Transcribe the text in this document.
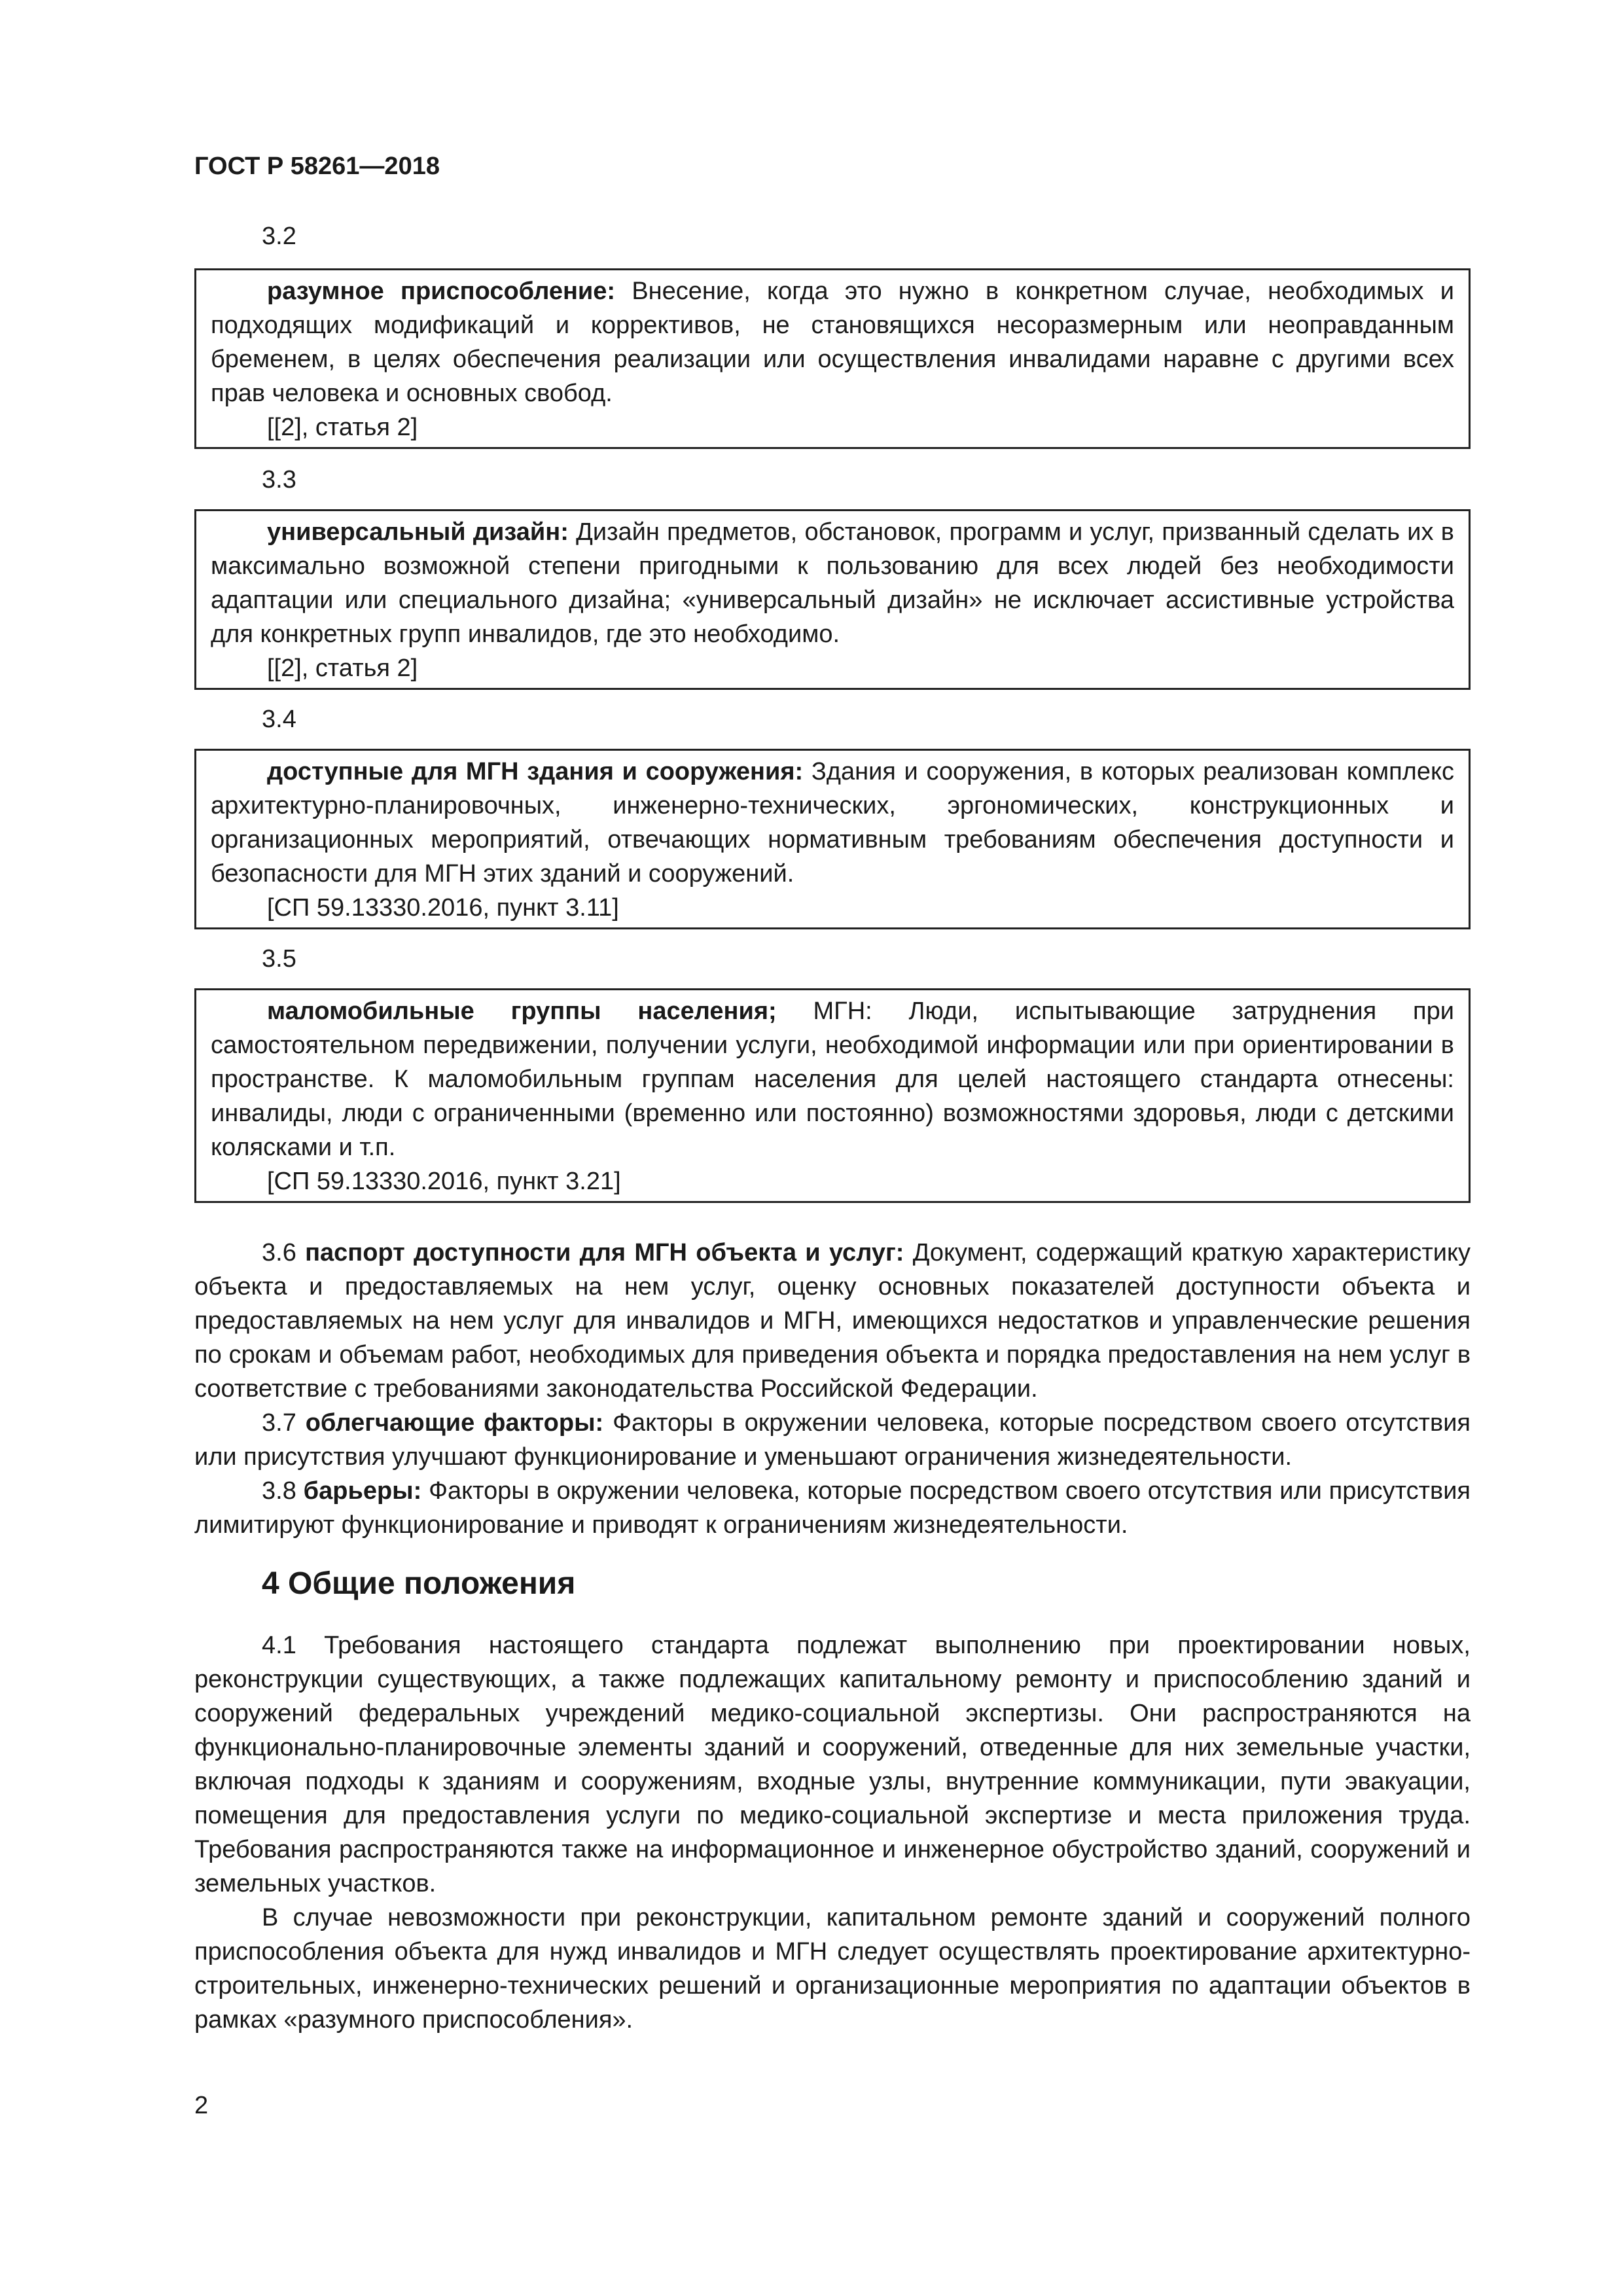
ГОСТ Р 58261—2018
3.2

разумное приспособление: Внесение, когда это нужно в конкретном случае, необходимых и подходящих модификаций и коррективов, не становящихся несоразмерным или неоправданным бременем, в целях обеспечения реализации или осуществления инвалидами наравне с другими всех прав человека и основных свобод.

[[2], статья 2]
3.3

универсальный дизайн: Дизайн предметов, обстановок, программ и услуг, призванный сделать их в максимально возможной степени пригодными к пользованию для всех людей без необходимости адаптации или специального дизайна; «универсальный дизайн» не исключает ассистивные устройства для конкретных групп инвалидов, где это необходимо.

[[2], статья 2]
3.4

доступные для МГН здания и сооружения: Здания и сооружения, в которых реализован комплекс архитектурно-планировочных, инженерно-технических, эргономических, конструкционных и организационных мероприятий, отвечающих нормативным требованиям обеспечения доступности и безопасности для МГН этих зданий и сооружений.

[СП 59.13330.2016, пункт 3.11]
3.5

маломобильные группы населения; МГН: Люди, испытывающие затруднения при самостоятельном передвижении, получении услуги, необходимой информации или при ориентировании в пространстве. К маломобильным группам населения для целей настоящего стандарта отнесены: инвалиды, люди с ограниченными (временно или постоянно) возможностями здоровья, люди с детскими колясками и т.п.

[СП 59.13330.2016, пункт 3.21]

3.6 паспорт доступности для МГН объекта и услуг: Документ, содержащий краткую характеристику объекта и предоставляемых на нем услуг, оценку основных показателей доступности объекта и предоставляемых на нем услуг для инвалидов и МГН, имеющихся недостатков и управленческие решения по срокам и объемам работ, необходимых для приведения объекта и порядка предоставления на нем услуг в соответствие с требованиями законодательства Российской Федерации.

3.7 облегчающие факторы: Факторы в окружении человека, которые посредством своего отсутствия или присутствия улучшают функционирование и уменьшают ограничения жизнедеятельности.

3.8 барьеры: Факторы в окружении человека, которые посредством своего отсутствия или присутствия лимитируют функционирование и приводят к ограничениям жизнедеятельности.

4 Общие положения

4.1 Требования настоящего стандарта подлежат выполнению при проектировании новых, реконструкции существующих, а также подлежащих капитальному ремонту и приспособлению зданий и сооружений федеральных учреждений медико-социальной экспертизы. Они распространяются на функционально-планировочные элементы зданий и сооружений, отведенные для них земельные участки, включая подходы к зданиям и сооружениям, входные узлы, внутренние коммуникации, пути эвакуации, помещения для предоставления услуги по медико-социальной экспертизе и места приложения труда. Требования распространяются также на информационное и инженерное обустройство зданий, сооружений и земельных участков.

В случае невозможности при реконструкции, капитальном ремонте зданий и сооружений полного приспособления объекта для нужд инвалидов и МГН следует осуществлять проектирование архитектурно-строительных, инженерно-технических решений и организационные мероприятия по адаптации объектов в рамках «разумного приспособления».

2
